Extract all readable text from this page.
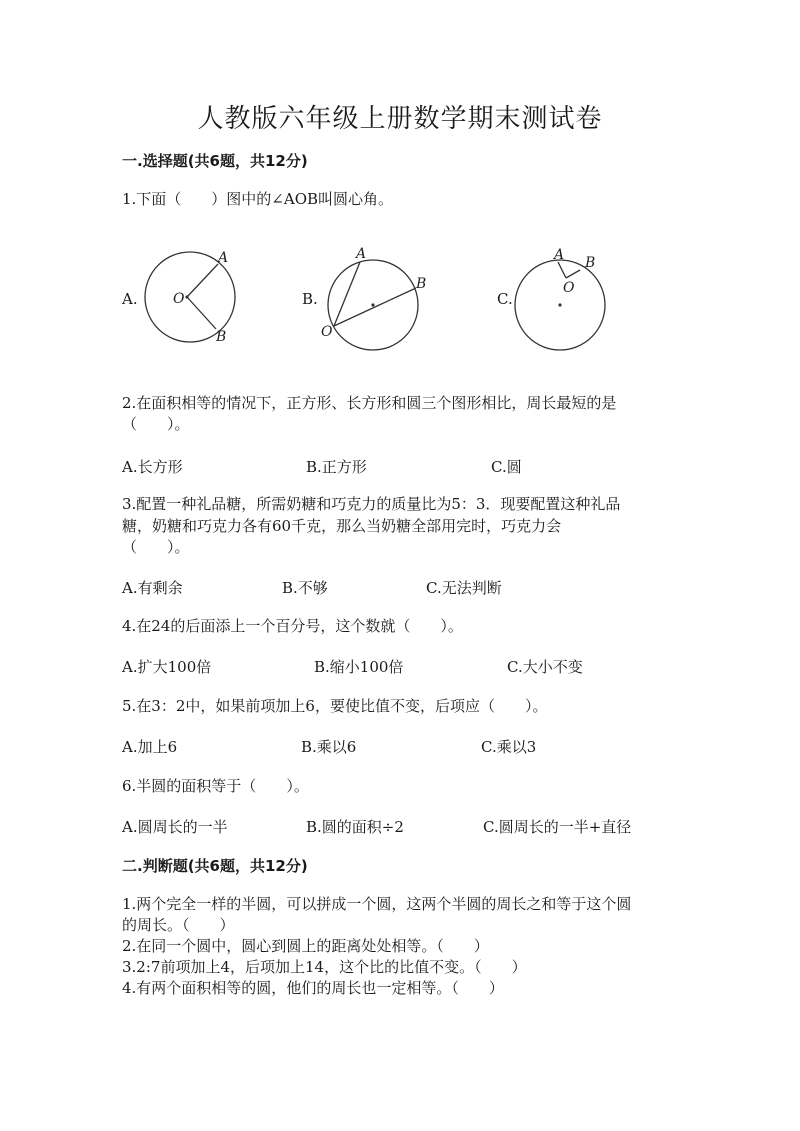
人教版六年级上册数学期末测试卷
一.选择题(共6题，共12分)
1.下面（　　）图中的∠AOB叫圆心角。
A.
A
O
B
B.
A
O
B
C.
A
O
B
2.在面积相等的情况下，正方形、长方形和圆三个图形相比，周长最短的是
（　　）。
A.长方形	B.正方形	C.圆
3.配置一种礼品糖，所需奶糖和巧克力的质量比为5：3．现要配置这种礼品
糖，奶糖和巧克力各有60千克，那么当奶糖全部用完时，巧克力会
（　　）。
A.有剩余	B.不够	C.无法判断
4.在24的后面添上一个百分号，这个数就（　　）。
A.扩大100倍	B.缩小100倍	C.大小不变
5.在3：2中，如果前项加上6，要使比值不变，后项应（　　）。
A.加上6	B.乘以6	C.乘以3
6.半圆的面积等于（　　）。
A.圆周长的一半	B.圆的面积÷2	C.圆周长的一半+直径
二.判断题(共6题，共12分)
1.两个完全一样的半圆，可以拼成一个圆，这两个半圆的周长之和等于这个圆
的周长。（　　）
2.在同一个圆中，圆心到圆上的距离处处相等。（　　）
3.2:7前项加上4，后项加上14，这个比的比值不变。（　　）
4.有两个面积相等的圆，他们的周长也一定相等。（　　）
